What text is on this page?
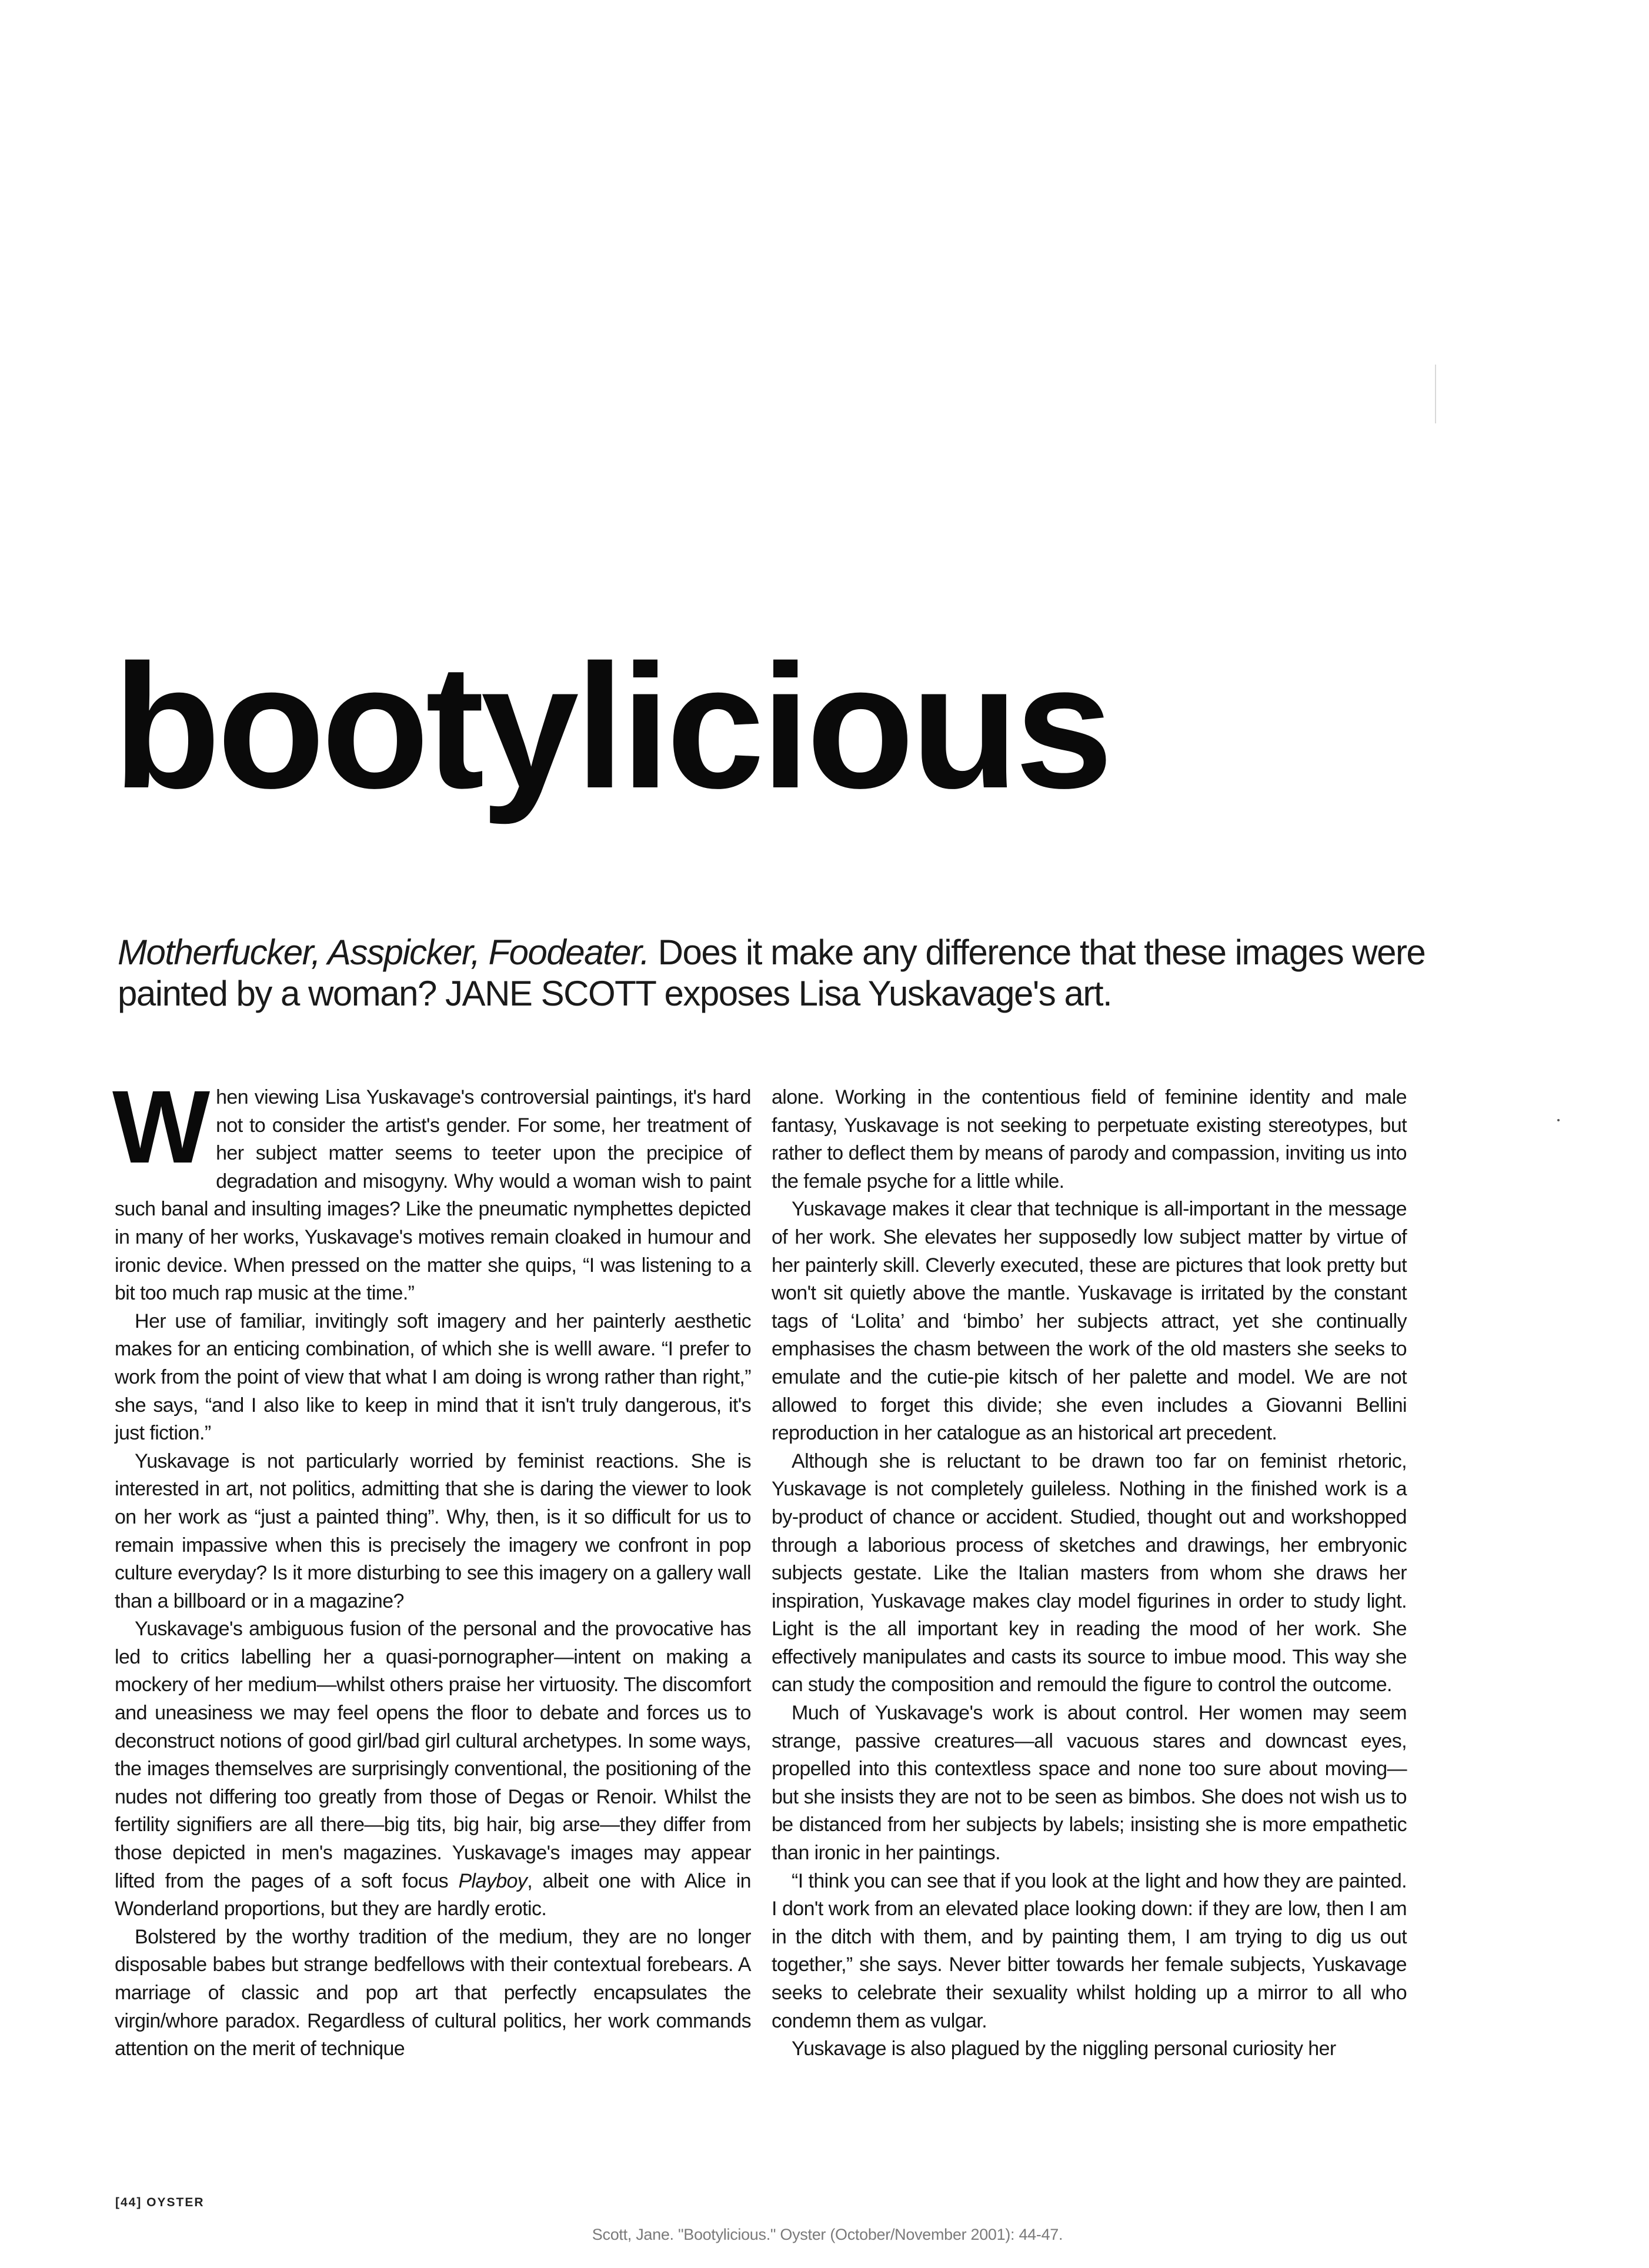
bootylicious

Motherfucker, Asspicker, Foodeater. Does it make any difference that these images were painted by a woman? JANE SCOTT exposes Lisa Yuskavage's art.

When viewing Lisa Yuskavage's controversial paintings, it's hard not to consider the artist's gender. For some, her treatment of her subject matter seems to teeter upon the precipice of degradation and misogyny. Why would a woman wish to paint such banal and insulting images? Like the pneumatic nymphettes depicted in many of her works, Yuskavage's motives remain cloaked in humour and ironic device. When pressed on the matter she quips, “I was listening to a bit too much rap music at the time.”

Her use of familiar, invitingly soft imagery and her painterly aesthetic makes for an enticing combination, of which she is welll aware. “I prefer to work from the point of view that what I am doing is wrong rather than right,” she says, “and I also like to keep in mind that it isn't truly dangerous, it's just fiction.”

Yuskavage is not particularly worried by feminist reactions. She is interested in art, not politics, admitting that she is daring the viewer to look on her work as “just a painted thing”. Why, then, is it so difficult for us to remain impassive when this is precisely the imagery we confront in pop culture everyday? Is it more disturbing to see this imagery on a gallery wall than a billboard or in a magazine?

Yuskavage's ambiguous fusion of the personal and the provocative has led to critics labelling her a quasi-pornographer—intent on making a mockery of her medium—whilst others praise her virtuosity. The discomfort and uneasiness we may feel opens the floor to debate and forces us to deconstruct notions of good girl/bad girl cultural archetypes. In some ways, the images themselves are surprisingly conventional, the positioning of the nudes not differing too greatly from those of Degas or Renoir. Whilst the fertility signifiers are all there—big tits, big hair, big arse—they differ from those depicted in men's magazines. Yuskavage's images may appear lifted from the pages of a soft focus Playboy, albeit one with Alice in Wonderland proportions, but they are hardly erotic.

Bolstered by the worthy tradition of the medium, they are no longer disposable babes but strange bedfellows with their contextual forebears. A marriage of classic and pop art that perfectly encapsulates the virgin/whore paradox. Regardless of cultural politics, her work commands attention on the merit of technique

alone. Working in the contentious field of feminine identity and male fantasy, Yuskavage is not seeking to perpetuate existing stereotypes, but rather to deflect them by means of parody and compassion, inviting us into the female psyche for a little while.

Yuskavage makes it clear that technique is all-important in the message of her work. She elevates her supposedly low subject matter by virtue of her painterly skill. Cleverly executed, these are pictures that look pretty but won't sit quietly above the mantle. Yuskavage is irritated by the constant tags of ‘Lolita’ and ‘bimbo’ her subjects attract, yet she continually emphasises the chasm between the work of the old masters she seeks to emulate and the cutie-pie kitsch of her palette and model. We are not allowed to forget this divide; she even includes a Giovanni Bellini reproduction in her catalogue as an historical art precedent.

Although she is reluctant to be drawn too far on feminist rhetoric, Yuskavage is not completely guileless. Nothing in the finished work is a by-product of chance or accident. Studied, thought out and workshopped through a laborious process of sketches and drawings, her embryonic subjects gestate. Like the Italian masters from whom she draws her inspiration, Yuskavage makes clay model figurines in order to study light. Light is the all important key in reading the mood of her work. She effectively manipulates and casts its source to imbue mood. This way she can study the composition and remould the figure to control the outcome.

Much of Yuskavage's work is about control. Her women may seem strange, passive creatures—all vacuous stares and downcast eyes, propelled into this contextless space and none too sure about moving—but she insists they are not to be seen as bimbos. She does not wish us to be distanced from her subjects by labels; insisting she is more empathetic than ironic in her paintings.

“I think you can see that if you look at the light and how they are painted. I don't work from an elevated place looking down: if they are low, then I am in the ditch with them, and by painting them, I am trying to dig us out together,” she says. Never bitter towards her female subjects, Yuskavage seeks to celebrate their sexuality whilst holding up a mirror to all who condemn them as vulgar.

Yuskavage is also plagued by the niggling personal curiosity her

[44] OYSTER
Scott, Jane. "Bootylicious." Oyster (October/November 2001): 44-47.
